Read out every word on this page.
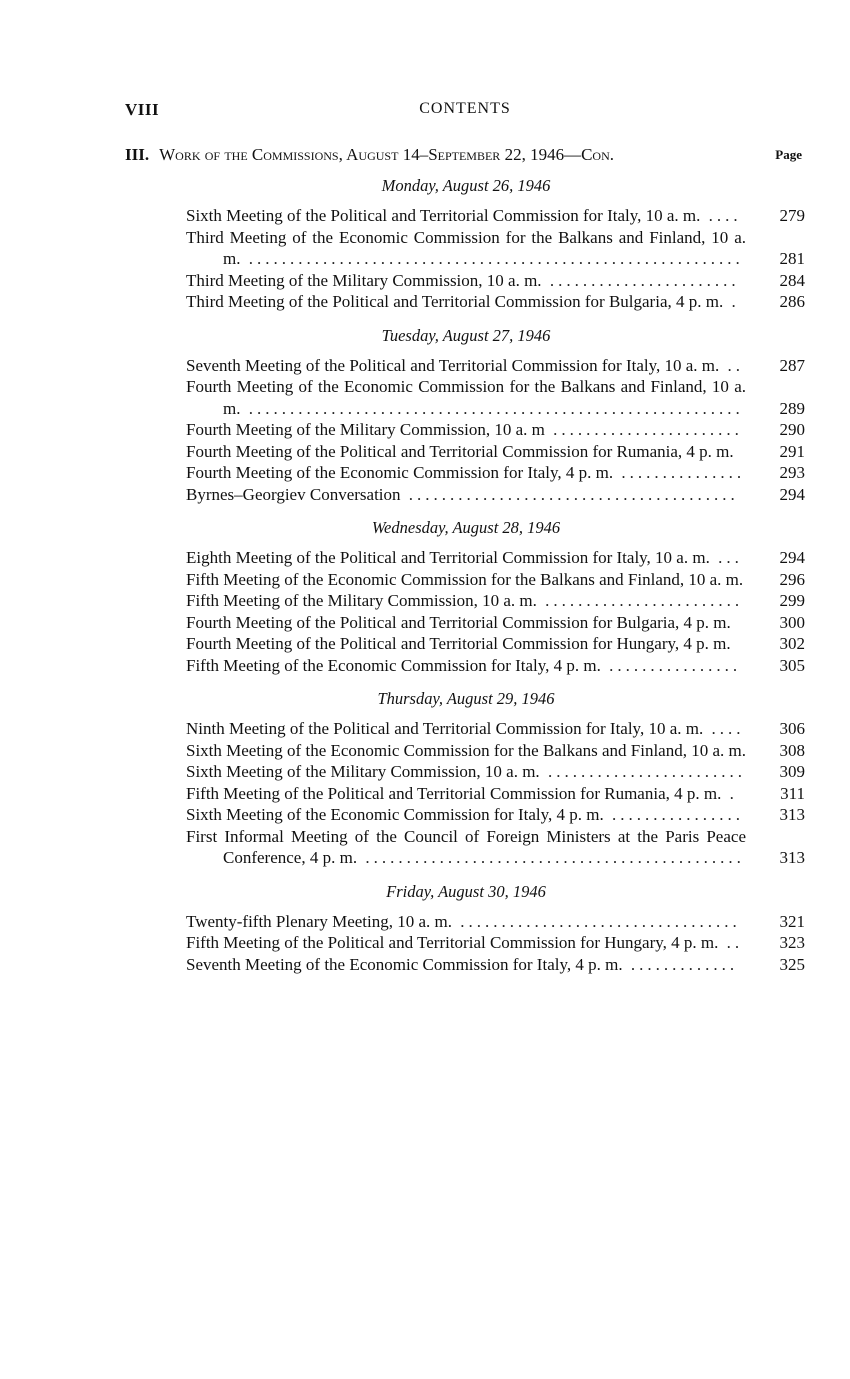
VIII	CONTENTS
III. Work of the Commissions, August 14–September 22, 1946—Con.	Page
Monday, August 26, 1946
Sixth Meeting of the Political and Territorial Commission for Italy, 10 a. m. ....	279
Third Meeting of the Economic Commission for the Balkans and Finland, 10 a. m. ............................................................	281
Third Meeting of the Military Commission, 10 a. m. .......................	284
Third Meeting of the Political and Territorial Commission for Bulgaria, 4 p. m. .	286
Tuesday, August 27, 1946
Seventh Meeting of the Political and Territorial Commission for Italy, 10 a. m. ..	287
Fourth Meeting of the Economic Commission for the Balkans and Finland, 10 a. m. ............................................................	289
Fourth Meeting of the Military Commission, 10 a. m .......................	290
Fourth Meeting of the Political and Territorial Commission for Rumania, 4 p. m.	291
Fourth Meeting of the Economic Commission for Italy, 4 p. m. ...............	293
Byrnes–Georgiev Conversation ........................................	294
Wednesday, August 28, 1946
Eighth Meeting of the Political and Territorial Commission for Italy, 10 a. m. ...	294
Fifth Meeting of the Economic Commission for the Balkans and Finland, 10 a. m.	296
Fifth Meeting of the Military Commission, 10 a. m. ........................	299
Fourth Meeting of the Political and Territorial Commission for Bulgaria, 4 p. m.	300
Fourth Meeting of the Political and Territorial Commission for Hungary, 4 p. m.	302
Fifth Meeting of the Economic Commission for Italy, 4 p. m. ................	305
Thursday, August 29, 1946
Ninth Meeting of the Political and Territorial Commission for Italy, 10 a. m. ....	306
Sixth Meeting of the Economic Commission for the Balkans and Finland, 10 a. m.	308
Sixth Meeting of the Military Commission, 10 a. m. ........................	309
Fifth Meeting of the Political and Territorial Commission for Rumania, 4 p. m. .	311
Sixth Meeting of the Economic Commission for Italy, 4 p. m. ................	313
First Informal Meeting of the Council of Foreign Ministers at the Paris Peace Conference, 4 p. m. ..............................................	313
Friday, August 30, 1946
Twenty-fifth Plenary Meeting, 10 a. m. ..................................	321
Fifth Meeting of the Political and Territorial Commission for Hungary, 4 p. m. ..	323
Seventh Meeting of the Economic Commission for Italy, 4 p. m. .............	325
